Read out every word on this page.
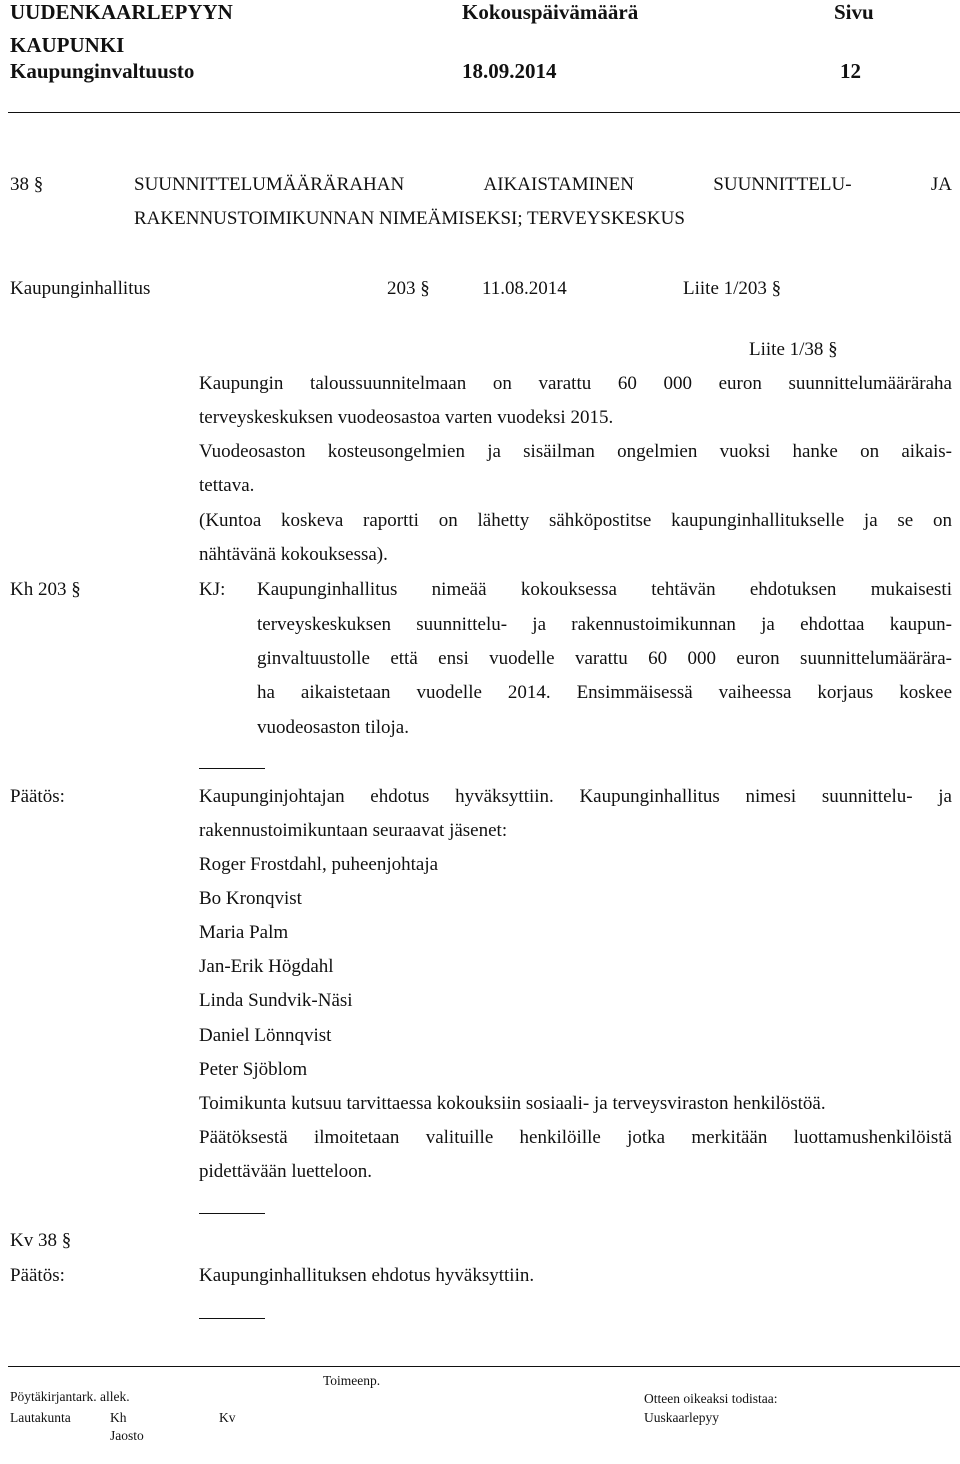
UUDENKAARLEPYYN	Kokouspäivämäärä	Sivu
KAUPUNKI
Kaupunginvaltuusto	18.09.2014	12
38 §	SUUNNITTELUMÄÄRÄRAHAN	AIKAISTAMINEN	SUUNNITTELU-	JA
RAKENNUSTOIMIKUNNAN NIMEÄMISEKSI; TERVEYSKESKUS
Kaupunginhallitus	203 §	11.08.2014	Liite 1/203 §
Liite 1/38 §
Kaupungin taloussuunnitelmaan on varattu 60 000 euron suunnittelumääräraha
terveyskeskuksen vuodeosastoa varten vuodeksi 2015.
Vuodeosaston kosteusongelmien ja sisäilman ongelmien vuoksi hanke on aikais-
tettava.
(Kuntoa koskeva raportti on lähetty sähköpostitse kaupunginhallitukselle ja se on
nähtävänä kokouksessa).
Kh 203 §	KJ: Kaupunginhallitus nimeää kokouksessa tehtävän ehdotuksen mukaisesti
terveyskeskuksen suunnittelu- ja rakennustoimikunnan ja ehdottaa kaupun-
ginvaltuustolle että ensi vuodelle varattu 60 000 euron suunnittelumäärära-
ha aikaistetaan vuodelle 2014. Ensimmäisessä vaiheessa korjaus koskee
vuodeosaston tiloja.
Päätös:	Kaupunginjohtajan ehdotus hyväksyttiin. Kaupunginhallitus nimesi suunnittelu- ja
rakennustoimikuntaan seuraavat jäsenet:
Roger Frostdahl, puheenjohtaja
Bo Kronqvist
Maria Palm
Jan-Erik Högdahl
Linda Sundvik-Näsi
Daniel Lönnqvist
Peter Sjöblom
Toimikunta kutsuu tarvittaessa kokouksiin sosiaali- ja terveysviraston henkilöstöä.
Päätöksestä ilmoitetaan valituille henkilöille jotka merkitään luottamushenkilöistä
pidettävään luetteloon.
Kv 38 §
Päätös:	Kaupunginhallituksen ehdotus hyväksyttiin.
Toimeenp.
Pöytäkirjantark. allek.	Otteen oikeaksi todistaa:
Lautakunta	Kh	Kv	Uuskaarlepyy
Jaosto
